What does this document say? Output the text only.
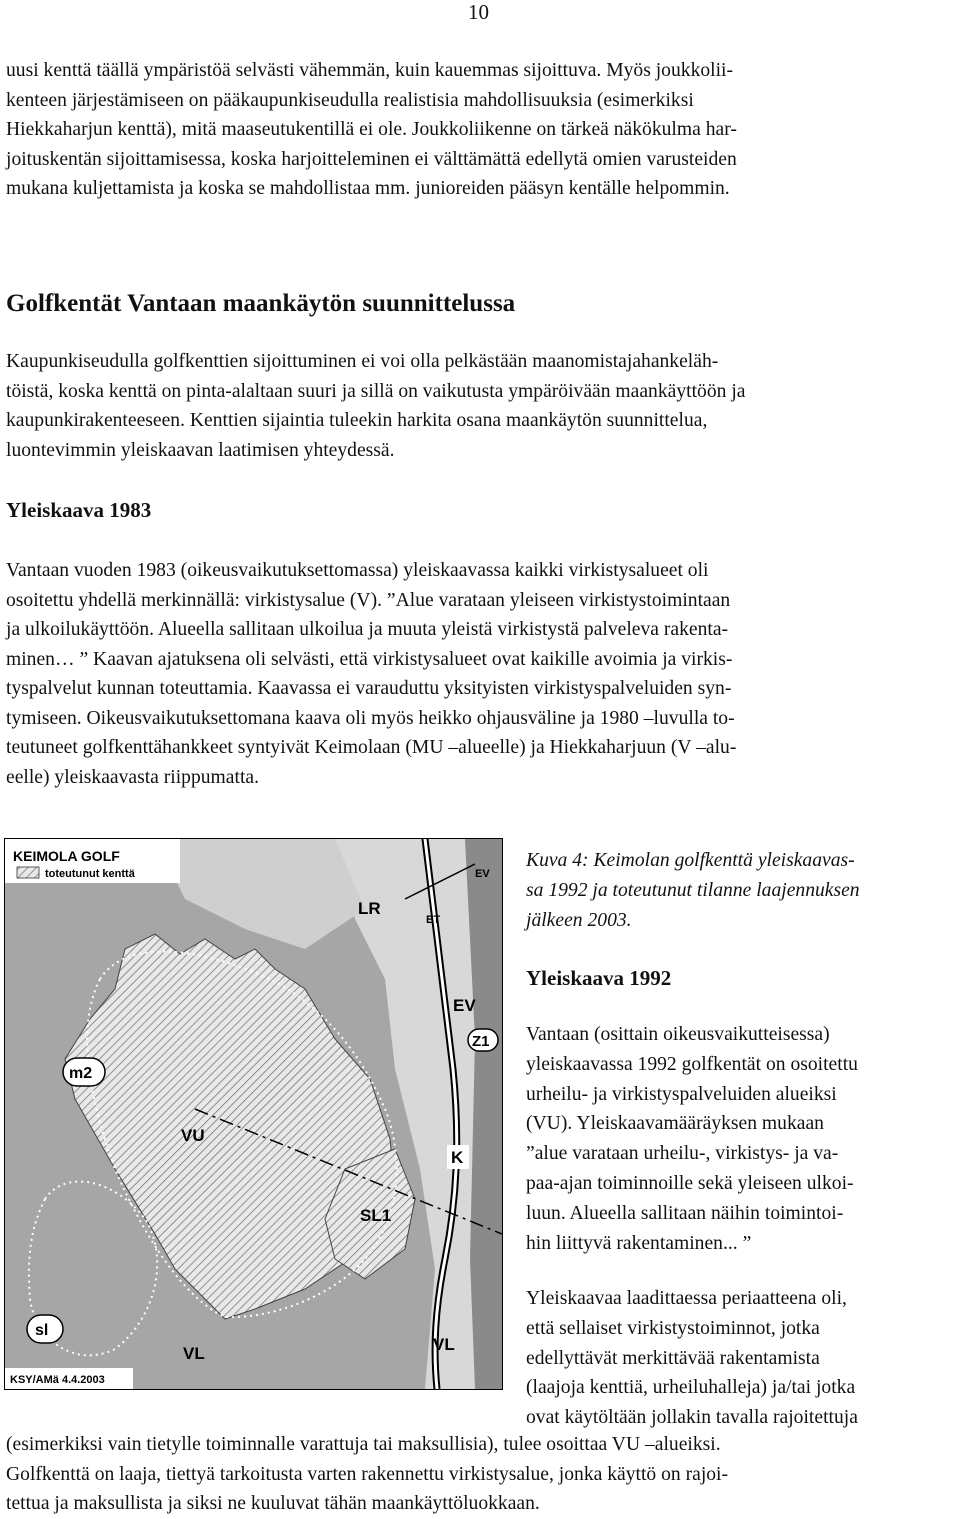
10
uusi kenttä täällä ympäristöä selvästi vähemmän, kuin kauemmas sijoittuva. Myös joukkolii-
kenteen järjestämiseen on pääkaupunkiseudulla realistisia mahdollisuuksia (esimerkiksi
Hiekkaharjun kenttä), mitä maaseutukentillä ei ole. Joukkoliikenne on tärkeä näkökulma har-
joituskentän sijoittamisessa, koska harjoitteleminen ei välttämättä edellytä omien varusteiden
mukana kuljettamista ja koska se mahdollistaa mm. junioreiden pääsyn kentälle helpommin.
Golfkentät Vantaan maankäytön suunnittelussa
Kaupunkiseudulla golfkenttien sijoittuminen ei voi olla pelkästään maanomistajahankeläh-
töistä, koska kenttä on pinta-alaltaan suuri ja sillä on vaikutusta ympäröivään maankäyttöön ja
kaupunkirakenteeseen. Kenttien sijaintia tuleekin harkita osana maankäytön suunnittelua,
luontevimmin yleiskaavan laatimisen yhteydessä.
Yleiskaava 1983
Vantaan vuoden 1983 (oikeusvaikutuksettomassa) yleiskaavassa kaikki virkistysalueet oli
osoitettu yhdellä merkinnällä: virkistysalue (V). ”Alue varataan yleiseen virkistystoimintaan
ja ulkoilukäyttöön. Alueella sallitaan ulkoilua ja muuta yleistä virkistystä palveleva rakenta-
minen… ” Kaavan ajatuksena oli selvästi, että virkistysalueet ovat kaikille avoimia ja virkis-
tyspalvelut kunnan toteuttamia. Kaavassa ei varauduttu yksityisten virkistyspalveluiden syn-
tymiseen. Oikeusvaikutuksettomana kaava oli myös heikko ohjausväline ja 1980 –luvulla to-
teutuneet golfkenttähankkeet syntyivät Keimolaan (MU –alueelle) ja Hiekkaharjuun (V –alu-
eelle) yleiskaavasta riippumatta.
KEIMOLA GOLF
toteutunut kenttä
LR
EV
ET
EV
Z1
m2
VU
K
SL1
sl
VL	VL
KSY/AMä 4.4.2003
Kuva 4: Keimolan golfkenttä yleiskaavas-
sa 1992 ja toteutunut tilanne laajennuksen
jälkeen 2003.
Yleiskaava 1992
Vantaan (osittain oikeusvaikutteisessa)
yleiskaavassa 1992 golfkentät on osoitettu
urheilu- ja virkistyspalveluiden alueiksi
(VU). Yleiskaavamääräyksen mukaan
”alue varataan urheilu-, virkistys- ja va-
paa-ajan toiminnoille sekä yleiseen ulkoi-
luun. Alueella sallitaan näihin toimintoi-
hin liittyvä rakentaminen... ”
Yleiskaavaa laadittaessa periaatteena oli,
että sellaiset virkistystoiminnot, jotka
edellyttävät merkittävää rakentamista
(laajoja kenttiä, urheiluhalleja) ja/tai jotka
ovat käytöltään jollakin tavalla rajoitettuja
(esimerkiksi vain tietylle toiminnalle varattuja tai maksullisia), tulee osoittaa VU –alueiksi.
Golfkenttä on laaja, tiettyä tarkoitusta varten rakennettu virkistysalue, jonka käyttö on rajoi-
tettua ja maksullista ja siksi ne kuuluvat tähän maankäyttöluokkaan.
